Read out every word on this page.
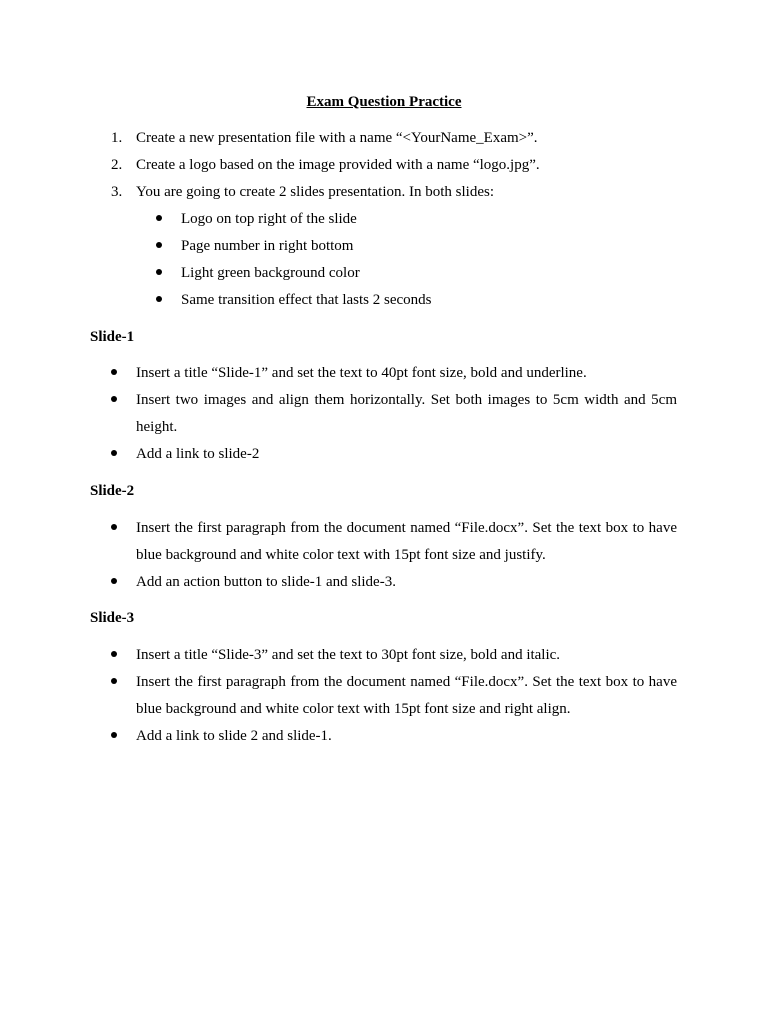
Exam Question Practice
1. Create a new presentation file with a name “<YourName_Exam>”.
2. Create a logo based on the image provided with a name “logo.jpg”.
3. You are going to create 2 slides presentation. In both slides:
Logo on top right of the slide
Page number in right bottom
Light green background color
Same transition effect that lasts 2 seconds
Slide-1
Insert a title “Slide-1” and set the text to 40pt font size, bold and underline.
Insert two images and align them horizontally. Set both images to 5cm width and 5cm height.
Add a link to slide-2
Slide-2
Insert the first paragraph from the document named “File.docx”. Set the text box to have blue background and white color text with 15pt font size and justify.
Add an action button to slide-1 and slide-3.
Slide-3
Insert a title “Slide-3” and set the text to 30pt font size, bold and italic.
Insert the first paragraph from the document named “File.docx”. Set the text box to have blue background and white color text with 15pt font size and right align.
Add a link to slide 2 and slide-1.
